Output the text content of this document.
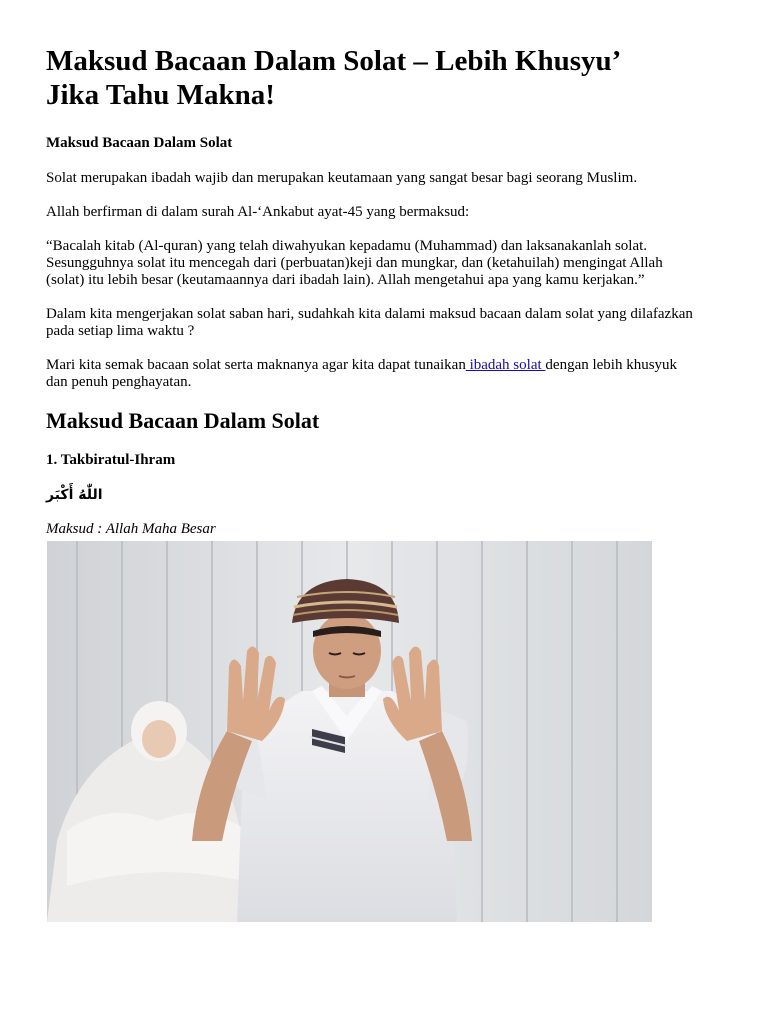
Maksud Bacaan Dalam Solat – Lebih Khusyu’
Jika Tahu Makna!
Maksud Bacaan Dalam Solat

Solat merupakan ibadah wajib dan merupakan keutamaan yang sangat besar bagi seorang Muslim.

Allah berfirman di dalam surah Al-‘Ankabut ayat-45 yang bermaksud:

“Bacalah kitab (Al-quran) yang telah diwahyukan kepadamu (Muhammad) dan laksanakanlah solat.
Sesungguhnya solat itu mencegah dari (perbuatan)keji dan mungkar, dan (ketahuilah) mengingat Allah
(solat) itu lebih besar (keutamaannya dari ibadah lain). Allah mengetahui apa yang kamu kerjakan.”

Dalam kita mengerjakan solat saban hari, sudahkah kita dalami maksud bacaan dalam solat yang dilafazkan
pada setiap lima waktu ?

Mari kita semak bacaan solat serta maknanya agar kita dapat tunaikan ibadah solat dengan lebih khusyuk
dan penuh penghayatan.

Maksud Bacaan Dalam Solat
1. Takbiratul-Ihram
اللّٰهُ أَكْبَر
Maksud : Allah Maha Besar
